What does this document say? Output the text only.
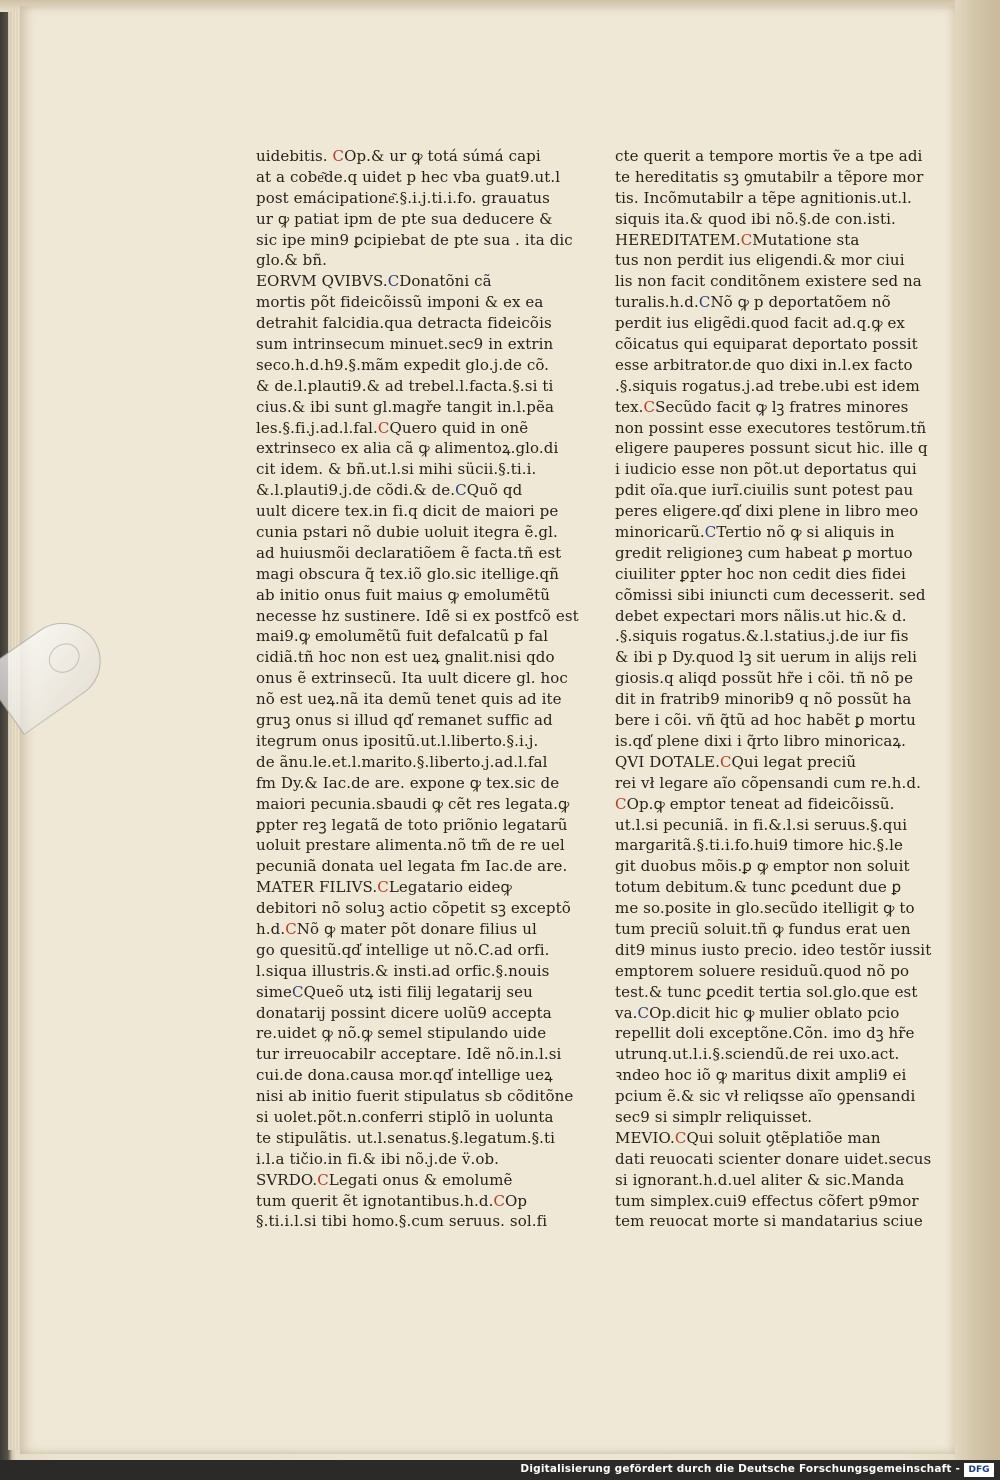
uidebitis. COp.& ur ꝙ totá súmá capi
at a cobe͂de.q uidet p hec vba guat9.ut.l
post emácipatione͂.§.i.j.ti.i.fo. grauatus
ur ꝙ patiat ipm de pte sua deducere &
sic ipe min9 ꝑcipiebat de pte sua . ita dic
glo.& bñ.
EORVM QVIBVS.CDonatõni cã
mortis põt fideicõissũ imponi & ex ea
detrahit falcidia.qua detracta fideicõis
sum intrinsecum minuet.sec9 in extrin
seco.h.d.h9.§.mãm expedit glo.j.de cõ.
& de.l.plauti9.& ad trebel.l.facta.§.si ti
cius.& ibi sunt gl.magře tangit in.l.pẽa
les.§.fi.j.ad.l.fal.CQuero quid in onẽ
extrinseco ex alia cã ꝙ alimentoꝝ.glo.di
cit idem. & bñ.ut.l.si mihi sücii.§.ti.i.
&.l.plauti9.j.de cõdi.& de.CQuõ qd
uult dicere tex.in fi.q dicit de maiori pe
cunia pstari nõ dubie uoluit itegra ẽ.gl.
ad huiusmõi declaratiõem ẽ facta.tñ est
magi obscura q̃ tex.iõ glo.sic itellige.qñ
ab initio onus fuit maius ꝙ emolumẽtũ
necesse hz sustinere. Idẽ si ex postfcõ est
mai9.ꝙ emolumẽtũ fuit defalcatũ p fal
cidiã.tñ hoc non est ueꝝ gnalit.nisi qdo
onus ẽ extrinsecũ. Ita uult dicere gl. hoc
nõ est ueꝝ.nã ita demũ tenet quis ad ite
gruꝫ onus si illud qd̕ remanet suffic ad
itegrum onus ipositũ.ut.l.liberto.§.i.j.
de ãnu.le.et.l.marito.§.liberto.j.ad.l.fal
fm Dy.& Iac.de are. expone ꝙ tex.sic de
maiori pecunia.sbaudi ꝙ cẽt res legata.ꝙ
ꝑpter reꝫ legatã de toto priõnio legatarũ
uoluit prestare alimenta.nõ tm̃ de re uel
pecuniã donata uel legata fm Iac.de are.
MATER FILIVS.CLegatario eideꝙ
debitori nõ soluꝫ actio cõpetit sꝫ exceptõ
h.d.CNõ ꝙ mater põt donare filius ul
go quesitũ.qd̕ intellige ut nõ.C.ad orfi.
l.siqua illustris.& insti.ad orfic.§.nouis
simeCQueõ utꝝ isti filij legatarij seu
donatarij possint dicere uolũ9 accepta
re.uidet ꝙ nõ.ꝙ semel stipulando uide
tur irreuocabilr acceptare. Idẽ nõ.in.l.si
cui.de dona.causa mor.qd̕ intellige ueꝝ
nisi ab initio fuerit stipulatus sb cõditõne
si uolet.põt.n.conferri stiplõ in uolunta
te stipulãtis. ut.l.senatus.§.legatum.§.ti
i.l.a tičio.in fi.& ibi nõ.j.de v̈.ob.
SVRDO.CLegati onus & emolumẽ
tum querit ẽt ignotantibus.h.d.COp
§.ti.i.l.si tibi homo.§.cum seruus. sol.fi
cte querit a tempore mortis ṽe a tpe adi
te hereditatis sꝫ ꝯmutabilr a tẽpore mor
tis. Incõmutabilr a tẽpe agnitionis.ut.l.
siquis ita.& quod ibi nõ.§.de con.isti.
HEREDITATEM.CMutatione sta
tus non perdit ius eligendi.& mor ciui
lis non facit conditõnem existere sed na
turalis.h.d.CNõ ꝙ p deportatõem nõ
perdit ius eligẽdi.quod facit ad.q.ꝙ ex
cõicatus qui equiparat deportato possit
esse arbitrator.de quo dixi in.l.ex facto
.§.siquis rogatus.j.ad trebe.ubi est idem
tex.CSecũdo facit ꝙ lꝫ fratres minores
non possint esse executores testõrum.tñ
eligere pauperes possunt sicut hic. ille q
i iudicio esse non põt.ut deportatus qui
pdit oĩa.que iurĩ.ciuilis sunt potest pau
peres eligere.qd̕ dixi plene in libro meo
minoricarũ.CTertio nõ ꝙ si aliquis in
gredit religioneꝫ cum habeat ꝑ mortuo
ciuiliter ꝑpter hoc non cedit dies fidei
cõmissi sibi iniuncti cum decesserit. sed
debet expectari mors nãlis.ut hic.& d.
.§.siquis rogatus.&.l.statius.j.de iur fis
& ibi p Dy.quod lꝫ sit uerum in alijs reli
giosis.q aliqd possũt hr̃e i cõi. tñ nõ pe
dit in fratrib9 minorib9 q nõ possũt ha
bere i cõi. vñ q̃tũ ad hoc habẽt ꝑ mortu
is.qd̕ plene dixi i q̃rto libro minoricaꝝ.
QVI DOTALE.CQui legat preciũ
rei vł legare aĩo cõpensandi cum re.h.d.
COp.ꝙ emptor teneat ad fideicõissũ.
ut.l.si pecuniã. in fi.&.l.si seruus.§.qui
margaritã.§.ti.i.fo.hui9 timore hic.§.le
git duobus mõis.ꝑ ꝙ emptor non soluit
totum debitum.& tunc ꝑcedunt due ꝑ
me so.posite in glo.secũdo itelligit ꝙ to
tum preciũ soluit.tñ ꝙ fundus erat uen
dit9 minus iusto precio. ideo testõr iussit
emptorem soluere residuũ.quod nõ po
test.& tunc ꝑcedit tertia sol.glo.que est
va.COp.dicit hic ꝙ mulier oblato pcio
repellit doli exceptõne.Cõn. imo dꝫ hr̃e
utrunq.ut.l.i.§.sciendũ.de rei uxo.act.
ꝛndeo hoc iõ ꝙ maritus dixit ampli9 ei
pcium ẽ.& sic vł reliqsse aĩo ꝯpensandi
sec9 si simplr reliquisset.
MEVIO.CQui soluit ꝯtẽplatiõe man
dati reuocati scienter donare uidet.secus
si ignorant.h.d.uel aliter & sic.Manda
tum simplex.cui9 effectus cõfert p9mor
tem reuocat morte si mandatarius sciue
Digitalisierung gefördert durch die Deutsche Forschungsgemeinschaft - DFG
